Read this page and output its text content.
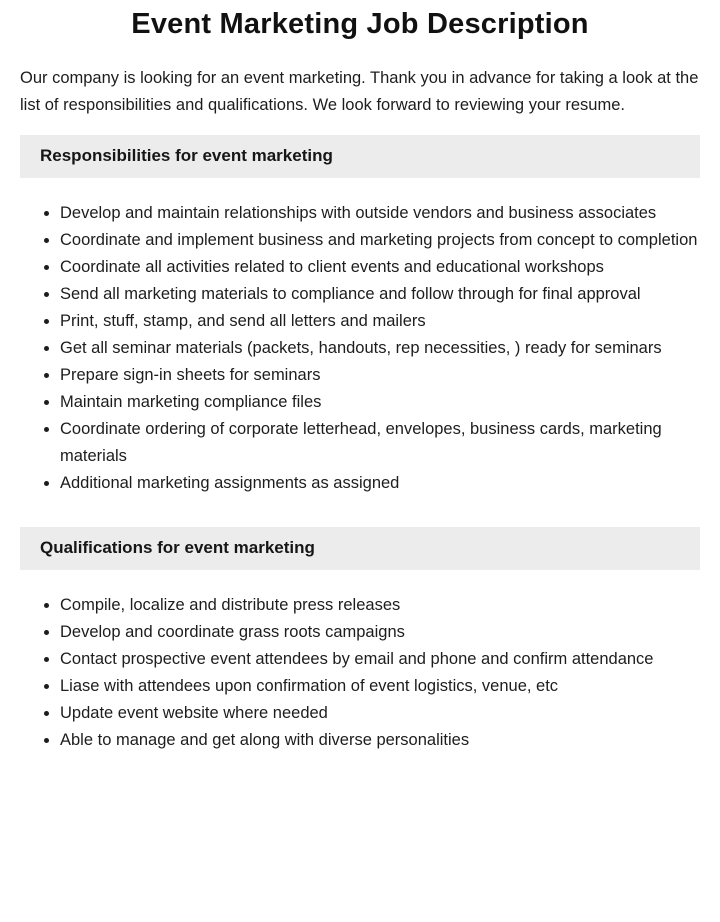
Event Marketing Job Description

Our company is looking for an event marketing. Thank you in advance for taking a look at the list of responsibilities and qualifications. We look forward to reviewing your resume.

Responsibilities for event marketing
• Develop and maintain relationships with outside vendors and business associates
• Coordinate and implement business and marketing projects from concept to completion
• Coordinate all activities related to client events and educational workshops
• Send all marketing materials to compliance and follow through for final approval
• Print, stuff, stamp, and send all letters and mailers
• Get all seminar materials (packets, handouts, rep necessities, ) ready for seminars
• Prepare sign-in sheets for seminars
• Maintain marketing compliance files
• Coordinate ordering of corporate letterhead, envelopes, business cards, marketing materials
• Additional marketing assignments as assigned
Qualifications for event marketing
• Compile, localize and distribute press releases
• Develop and coordinate grass roots campaigns
• Contact prospective event attendees by email and phone and confirm attendance
• Liase with attendees upon confirmation of event logistics, venue, etc
• Update event website where needed
• Able to manage and get along with diverse personalities
